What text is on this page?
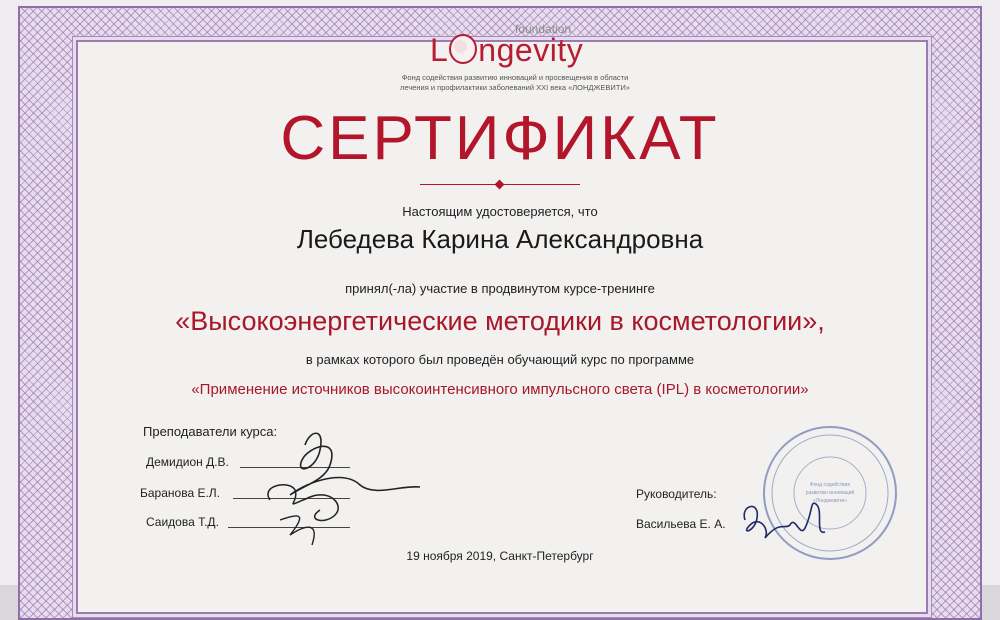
foundation
L ngevity
Фонд содействия развитию инноваций и просвещения в области лечения и профилактики заболеваний XXI века «ЛОНДЖЕВИТИ»
СЕРТИФИКАТ
Настоящим удостоверяется, что
Лебедева Карина Александровна
принял(-ла) участие в продвинутом курсе-тренинге
«Высокоэнергетические методики в косметологии»,
в рамках которого был проведён обучающий курс по программе
«Применение источников высокоинтенсивного импульсного света (IPL) в косметологии»
Преподаватели курса:
Демидион Д.В.
Баранова Е.Л.
Саидова Т.Д.
Руководитель:
Васильева Е. А.
Фонд содействия
развитию инноваций
«Лонджевити»
19 ноября 2019, Санкт-Петербург
